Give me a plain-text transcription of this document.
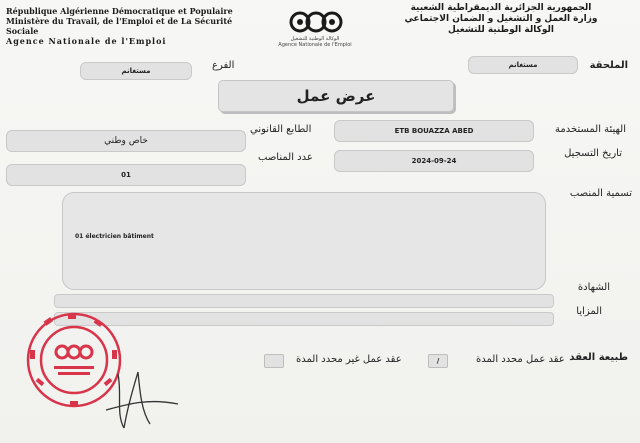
République Algérienne Démocratique et Populaire
Ministère du Travail, de l'Emploi et de La Sécurité Sociale
Agence Nationale de l'Emploi	الوكالة الوطنية للتشغيل
Agence Nationale de l'Emploi
الجمهورية الجزائرية الديمقراطية الشعبية
وزارة العمل و التشغيل و الضمان الاجتماعي
الوكالة الوطنية للتشغيل
الملحقة
مستغانم
الفرع
مستغانم
عرض عمل
الهيئة المستخدمة
ETB BOUAZZA ABED
الطابع القانوني
خاص وطني
تاريخ التسجيل
2024-09-24
عدد المناصب
01
تسمية المنصب
01 électricien bâtiment
الشهادة
المزايا
طبيعة العقد
عقد عمل محدد المدة
/
عقد عمل غير محدد المدة
